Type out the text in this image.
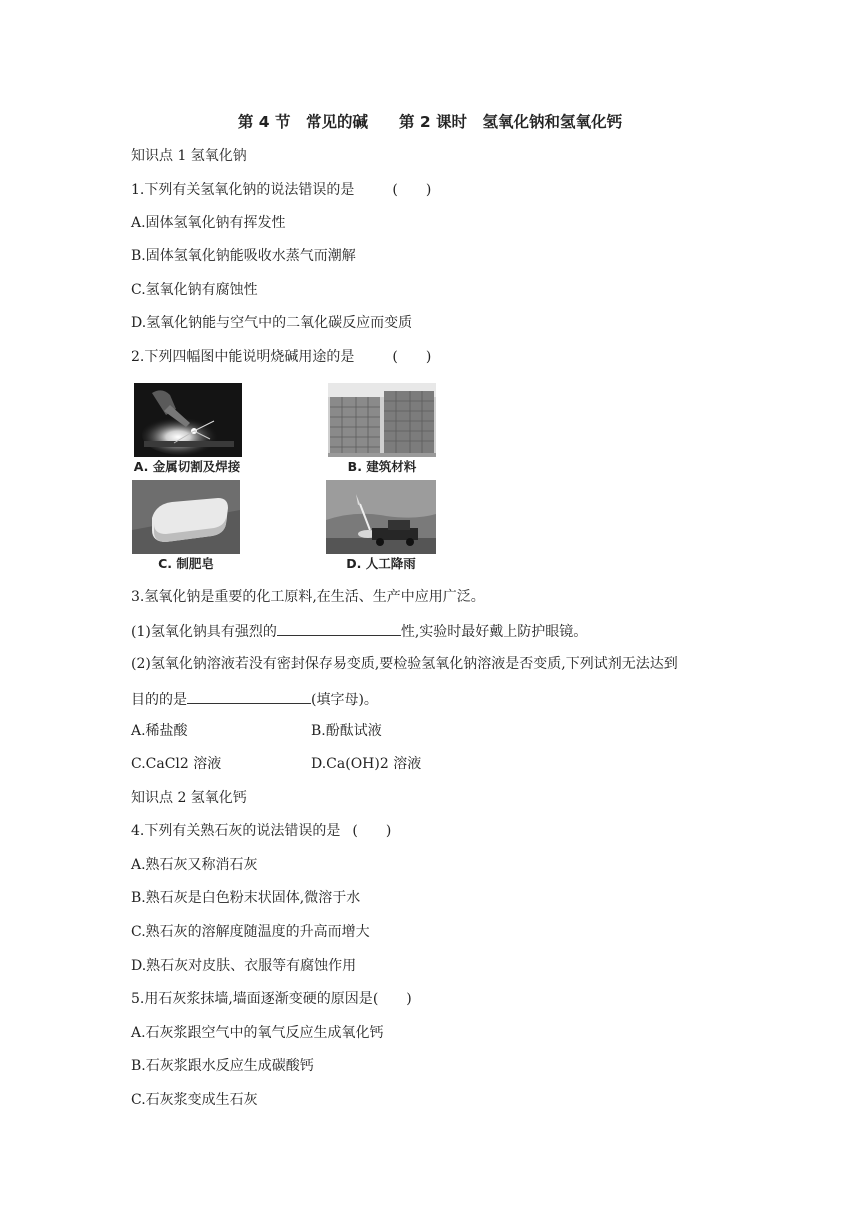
第 4 节　常见的碱　　第 2 课时　氢氧化钠和氢氧化钙
知识点 1 氢氧化钠
1.下列有关氢氧化钠的说法错误的是	(　　)
A.固体氢氧化钠有挥发性
B.固体氢氧化钠能吸收水蒸气而潮解
C.氢氧化钠有腐蚀性
D.氢氧化钠能与空气中的二氧化碳反应而变质
2.下列四幅图中能说明烧碱用途的是	(　　)
A. 金属切割及焊接	B. 建筑材料
C. 制肥皂	D. 人工降雨
3.氢氧化钠是重要的化工原料,在生活、生产中应用广泛。
(1)氢氧化钠具有强烈的	性,实验时最好戴上防护眼镜。
(2)氢氧化钠溶液若没有密封保存易变质,要检验氢氧化钠溶液是否变质,下列试剂无法达到
目的的是	(填字母)。
A.稀盐酸	B.酚酞试液
C.CaCl2 溶液	D.Ca(OH)2 溶液
知识点 2 氢氧化钙
4.下列有关熟石灰的说法错误的是 (　　)
A.熟石灰又称消石灰
B.熟石灰是白色粉末状固体,微溶于水
C.熟石灰的溶解度随温度的升高而增大
D.熟石灰对皮肤、衣服等有腐蚀作用
5.用石灰浆抹墙,墙面逐渐变硬的原因是(　　)
A.石灰浆跟空气中的氧气反应生成氧化钙
B.石灰浆跟水反应生成碳酸钙
C.石灰浆变成生石灰
